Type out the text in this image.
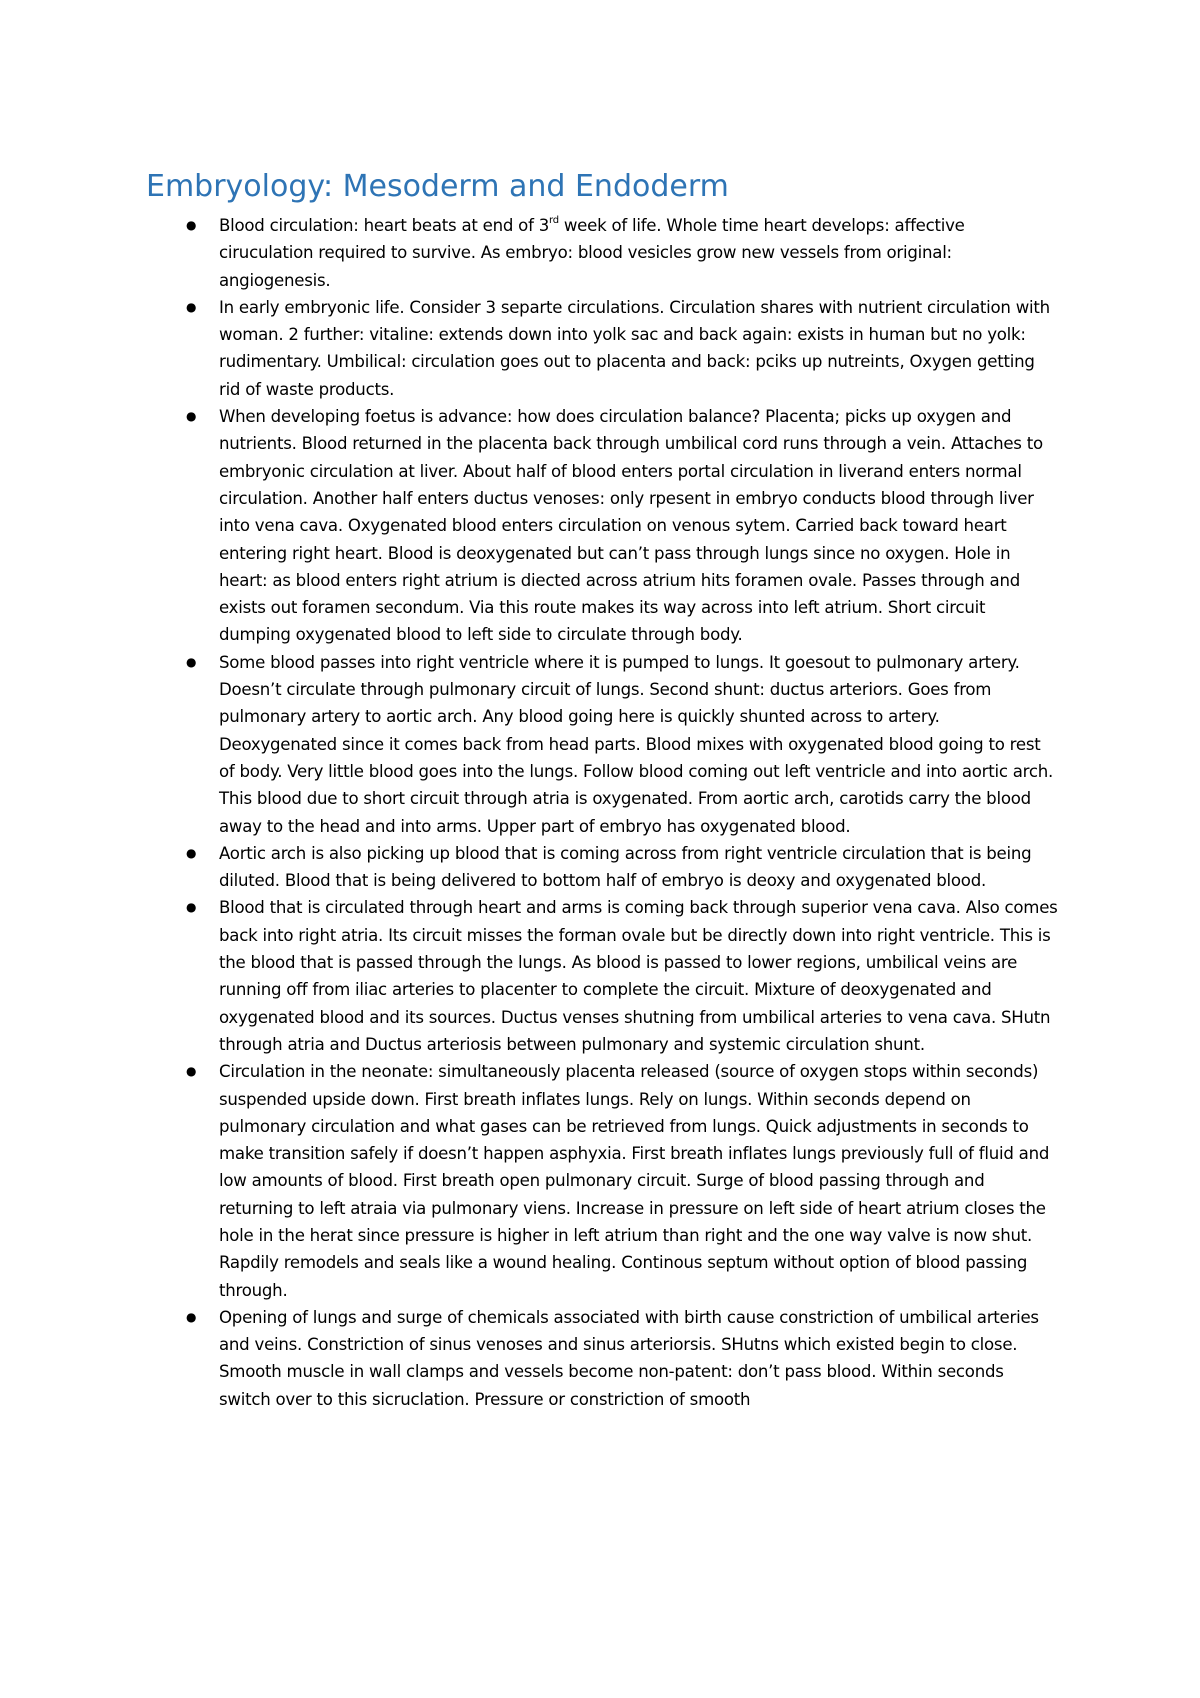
Embryology: Mesoderm and Endoderm
● Blood circulation: heart beats at end of 3rd week of life. Whole time heart develops: affective ciruculation required to survive. As embryo: blood vesicles grow new vessels from original: angiogenesis.
● In early embryonic life. Consider 3 separte circulations. Circulation shares with nutrient circulation with woman. 2 further: vitaline: extends down into yolk sac and back again: exists in human but no yolk: rudimentary. Umbilical: circulation goes out to placenta and back: pciks up nutreints, Oxygen getting rid of waste products.
● When developing foetus is advance: how does circulation balance? Placenta; picks up oxygen and nutrients. Blood returned in the placenta back through umbilical cord runs through a vein. Attaches to embryonic circulation at liver. About half of blood enters portal circulation in liverand enters normal circulation. Another half enters ductus venoses: only rpesent in embryo conducts blood through liver into vena cava. Oxygenated blood enters circulation on venous sytem. Carried back toward heart entering right heart. Blood is deoxygenated but can’t pass through lungs since no oxygen. Hole in heart: as blood enters right atrium is diected across atrium hits foramen ovale. Passes through and exists out foramen secondum. Via this route makes its way across into left atrium. Short circuit dumping oxygenated blood to left side to circulate through body.
● Some blood passes into right ventricle where it is pumped to lungs. It goesout to pulmonary artery. Doesn’t circulate through pulmonary circuit of lungs. Second shunt: ductus arteriors. Goes from pulmonary artery to aortic arch. Any blood going here is quickly shunted across to artery. Deoxygenated since it comes back from head parts. Blood mixes with oxygenated blood going to rest of body. Very little blood goes into the lungs. Follow blood coming out left ventricle and into aortic arch. This blood due to short circuit through atria is oxygenated. From aortic arch, carotids carry the blood away to the head and into arms. Upper part of embryo has oxygenated blood.
● Aortic arch is also picking up blood that is coming across from right ventricle circulation that is being diluted. Blood that is being delivered to bottom half of embryo is deoxy and oxygenated blood.
● Blood that is circulated through heart and arms is coming back through superior vena cava. Also comes back into right atria. Its circuit misses the forman ovale but be directly down into right ventricle. This is the blood that is passed through the lungs. As blood is passed to lower regions, umbilical veins are running off from iliac arteries to placenter to complete the circuit. Mixture of deoxygenated and oxygenated blood and its sources. Ductus venses shutning from umbilical arteries to vena cava. SHutn through atria and Ductus arteriosis between pulmonary and systemic circulation shunt.
● Circulation in the neonate: simultaneously placenta released (source of oxygen stops within seconds) suspended upside down. First breath inflates lungs. Rely on lungs. Within seconds depend on pulmonary circulation and what gases can be retrieved from lungs. Quick adjustments in seconds to make transition safely if doesn’t happen asphyxia. First breath inflates lungs previously full of fluid and low amounts of blood. First breath open pulmonary circuit. Surge of blood passing through and returning to left atraia via pulmonary viens. Increase in pressure on left side of heart atrium closes the hole in the herat since pressure is higher in left atrium than right and the one way valve is now shut. Rapdily remodels and seals like a wound healing. Continous septum without option of blood passing through.
● Opening of lungs and surge of chemicals associated with birth cause constriction of umbilical arteries and veins. Constriction of sinus venoses and sinus arteriorsis. SHutns which existed begin to close. Smooth muscle in wall clamps and vessels become non-patent: don’t pass blood. Within seconds switch over to this sicruclation. Pressure or constriction of smooth
